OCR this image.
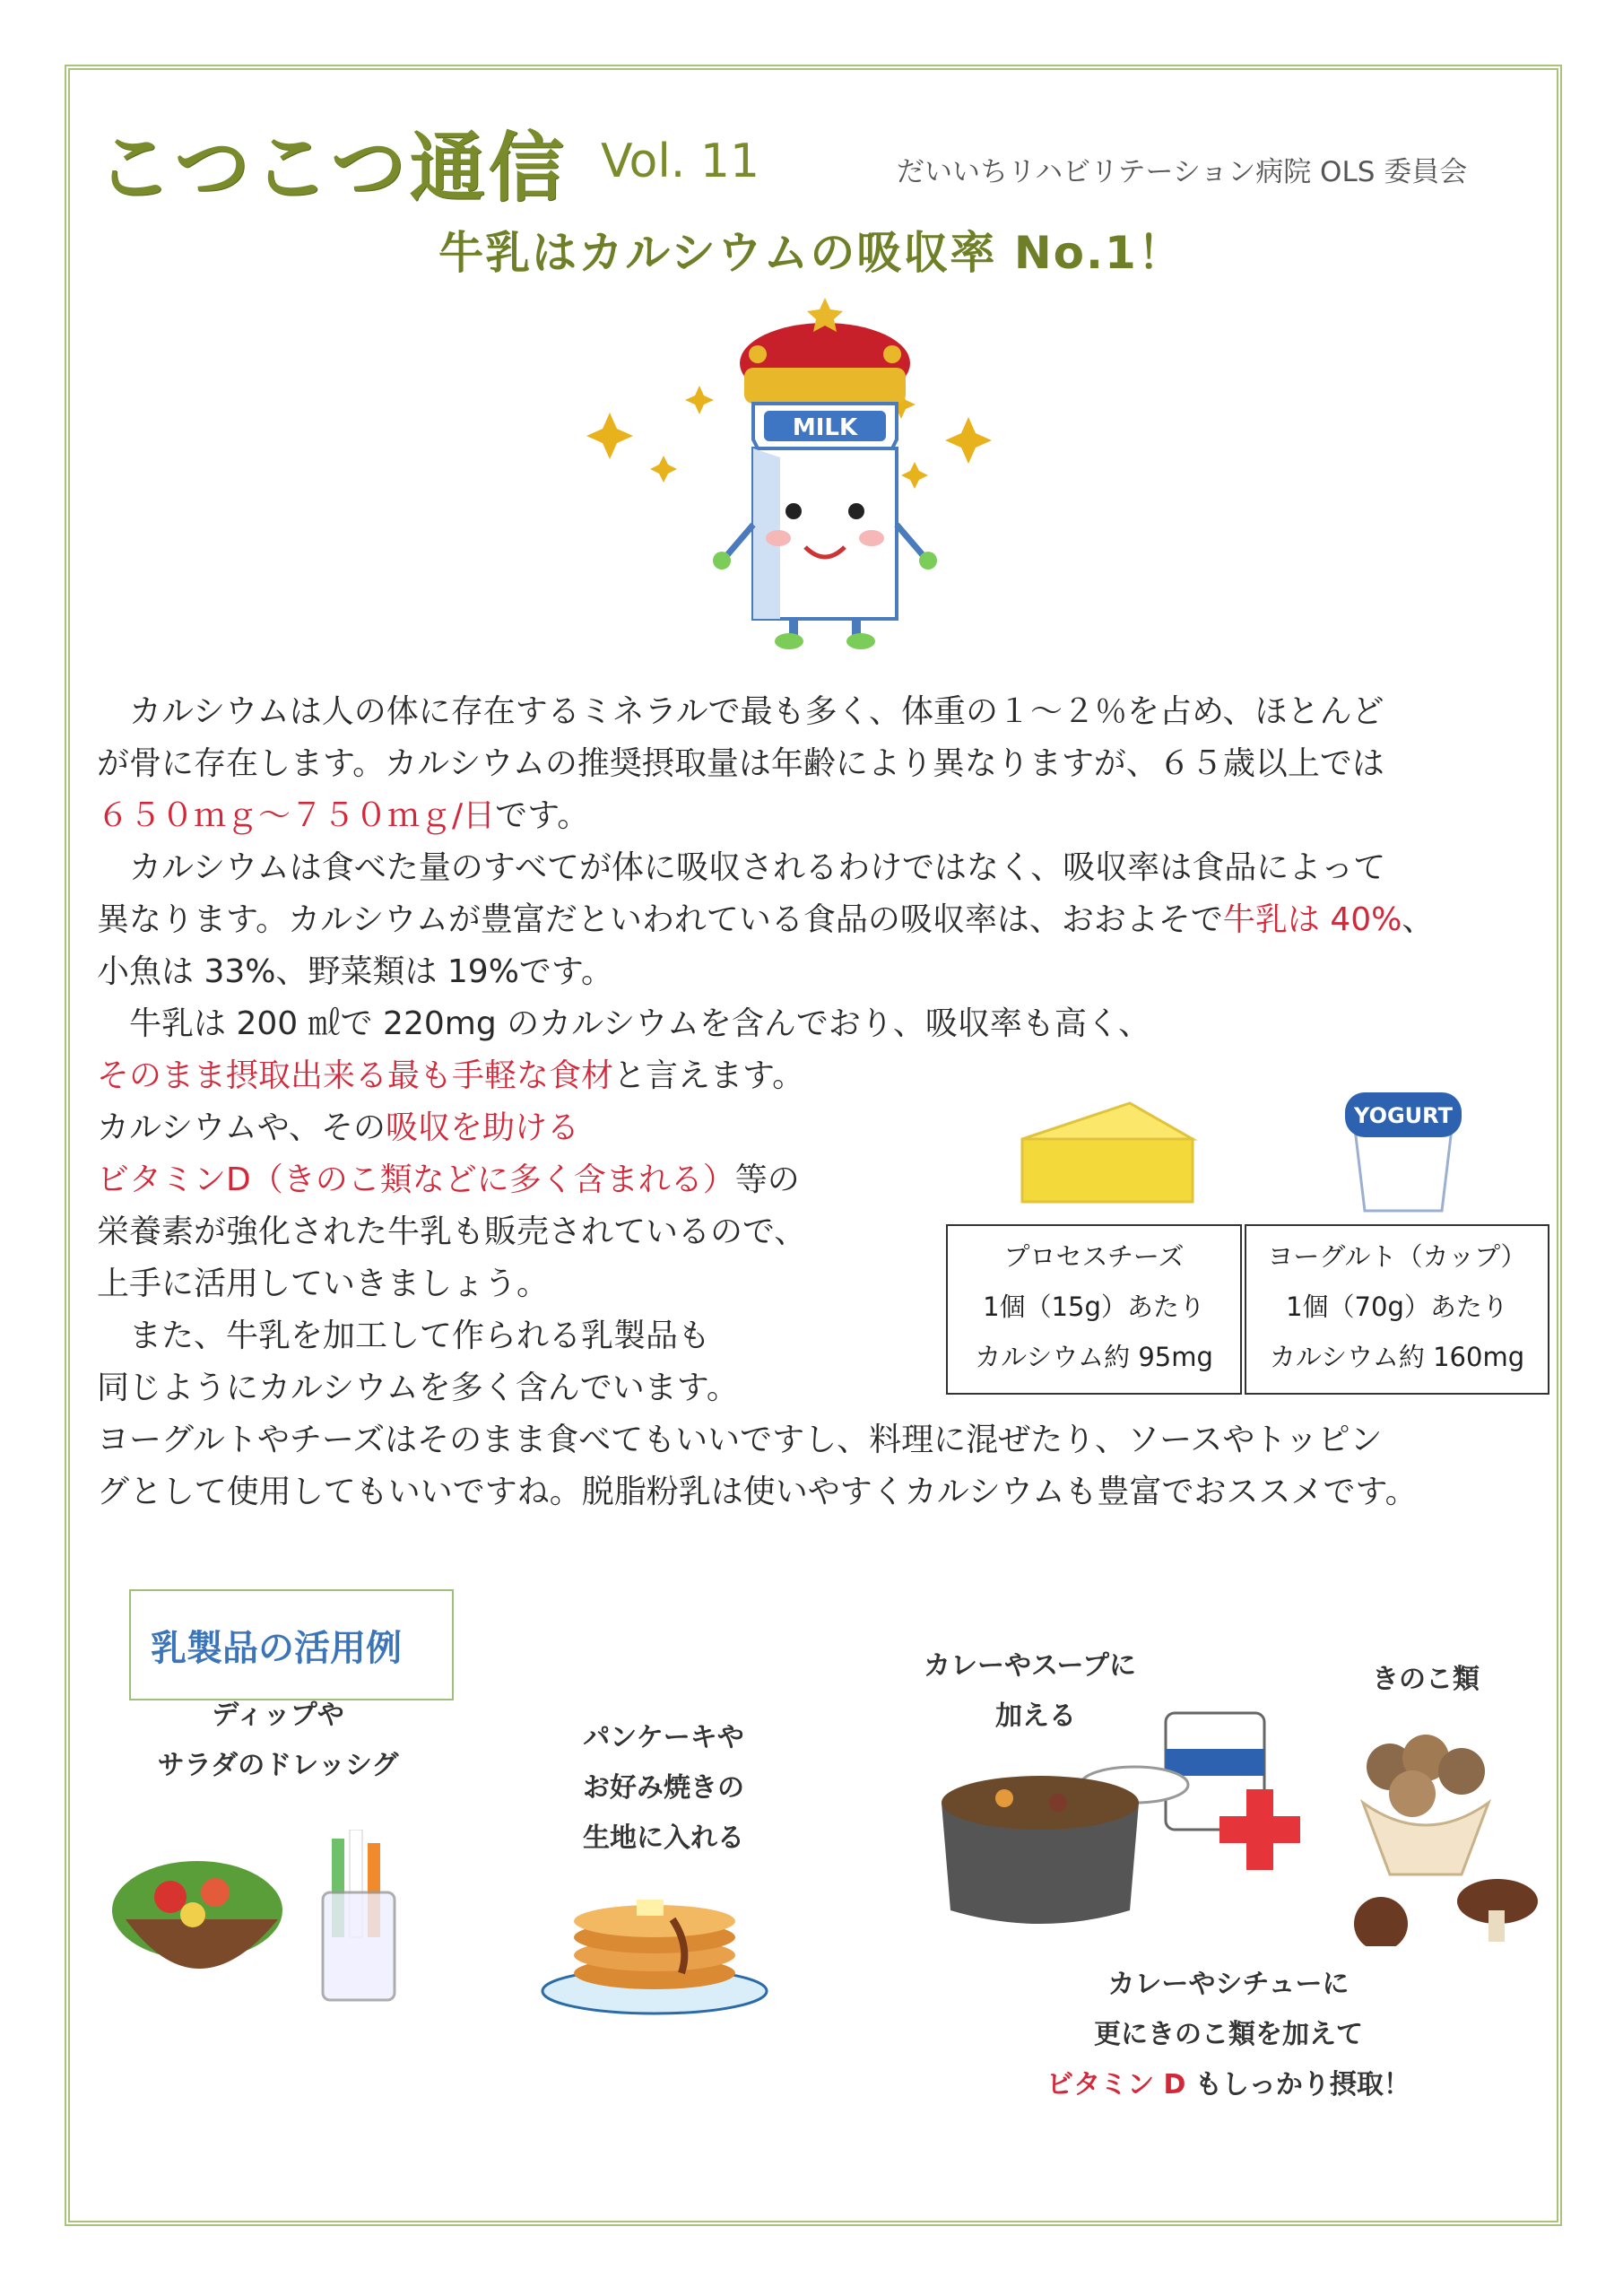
こつこつ通信 Vol. 11	だいいちリハビリテーション病院 OLS 委員会
牛乳はカルシウムの吸収率 No.1！
MILK
　カルシウムは人の体に存在するミネラルで最も多く、体重の１～２％を占め、ほとんど
が骨に存在します。カルシウムの推奨摂取量は年齢により異なりますが、６５歳以上では
６５０ｍｇ～７５０ｍｇ/日です。
　カルシウムは食べた量のすべてが体に吸収されるわけではなく、吸収率は食品によって
異なります。カルシウムが豊富だといわれている食品の吸収率は、おおよそで牛乳は 40%、
小魚は 33%、野菜類は 19%です。
　牛乳は 200 ㎖で 220mg のカルシウムを含んでおり、吸収率も高く、
そのまま摂取出来る最も手軽な食材と言えます。
カルシウムや、その吸収を助ける
ビタミンD（きのこ類などに多く含まれる）等の
栄養素が強化された牛乳も販売されているので、
上手に活用していきましょう。
　また、牛乳を加工して作られる乳製品も
同じようにカルシウムを多く含んでいます。
ヨーグルトやチーズはそのまま食べてもいいですし、料理に混ぜたり、ソースやトッピン
グとして使用してもいいですね。脱脂粉乳は使いやすくカルシウムも豊富でおススメです。
YOGURT
プロセスチーズ
1個（15g）あたり
カルシウム約 95mg
ヨーグルト（カップ）
1個（70g）あたり
カルシウム約 160mg
乳製品の活用例
ディップや
サラダのドレッシグ
パンケーキや
お好み焼きの
生地に入れる
カレーやスープに
加える
きのこ類
カレーやシチューに
更にきのこ類を加えて
ビタミン D もしっかり摂取！
